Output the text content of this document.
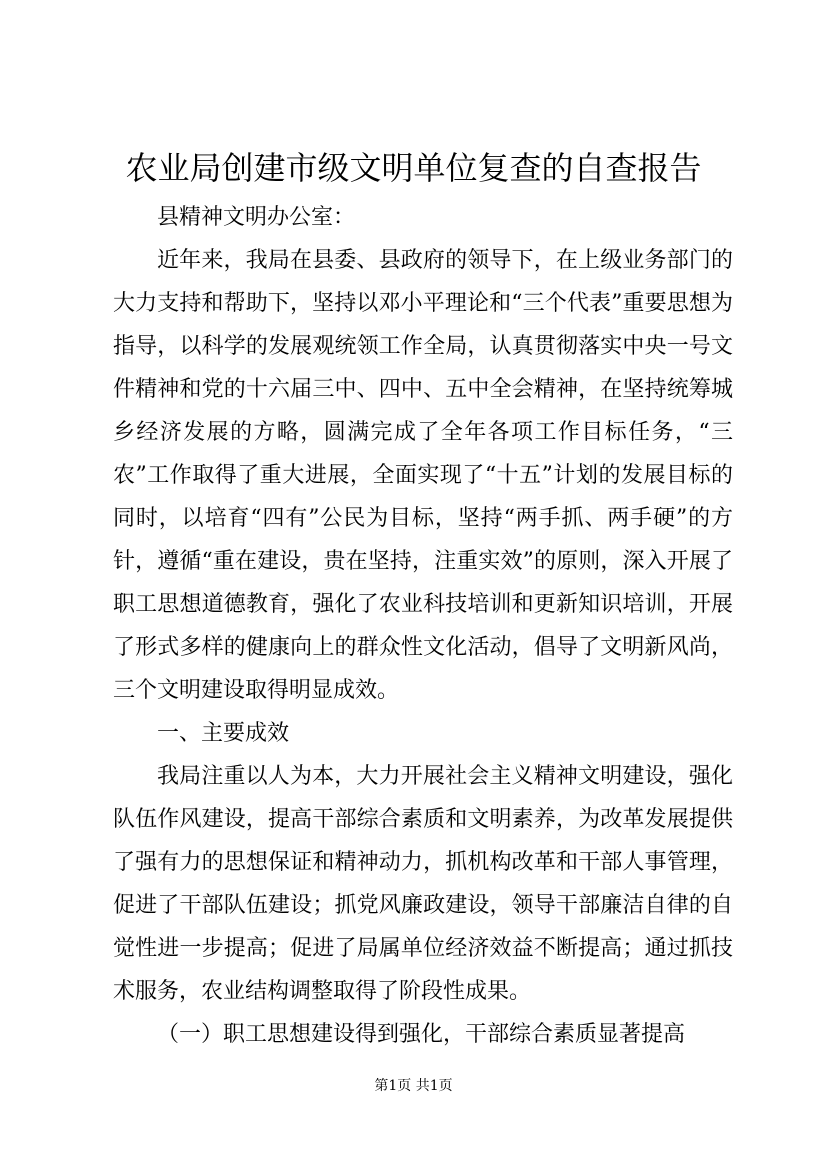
农业局创建市级文明单位复查的自查报告

县精神文明办公室：

近年来，我局在县委、县政府的领导下，在上级业务部门的大力支持和帮助下，坚持以邓小平理论和“三个代表”重要思想为指导，以科学的发展观统领工作全局，认真贯彻落实中央一号文件精神和党的十六届三中、四中、五中全会精神，在坚持统筹城乡经济发展的方略，圆满完成了全年各项工作目标任务，“三农”工作取得了重大进展，全面实现了“十五”计划的发展目标的同时，以培育“四有”公民为目标，坚持“两手抓、两手硬”的方针，遵循“重在建设，贵在坚持，注重实效”的原则，深入开展了职工思想道德教育，强化了农业科技培训和更新知识培训，开展了形式多样的健康向上的群众性文化活动，倡导了文明新风尚，三个文明建设取得明显成效。

一、主要成效

我局注重以人为本，大力开展社会主义精神文明建设，强化队伍作风建设，提高干部综合素质和文明素养，为改革发展提供了强有力的思想保证和精神动力，抓机构改革和干部人事管理，促进了干部队伍建设；抓党风廉政建设，领导干部廉洁自律的自觉性进一步提高；促进了局属单位经济效益不断提高；通过抓技术服务，农业结构调整取得了阶段性成果。

（一）职工思想建设得到强化，干部综合素质显著提高

第1页 共1页
